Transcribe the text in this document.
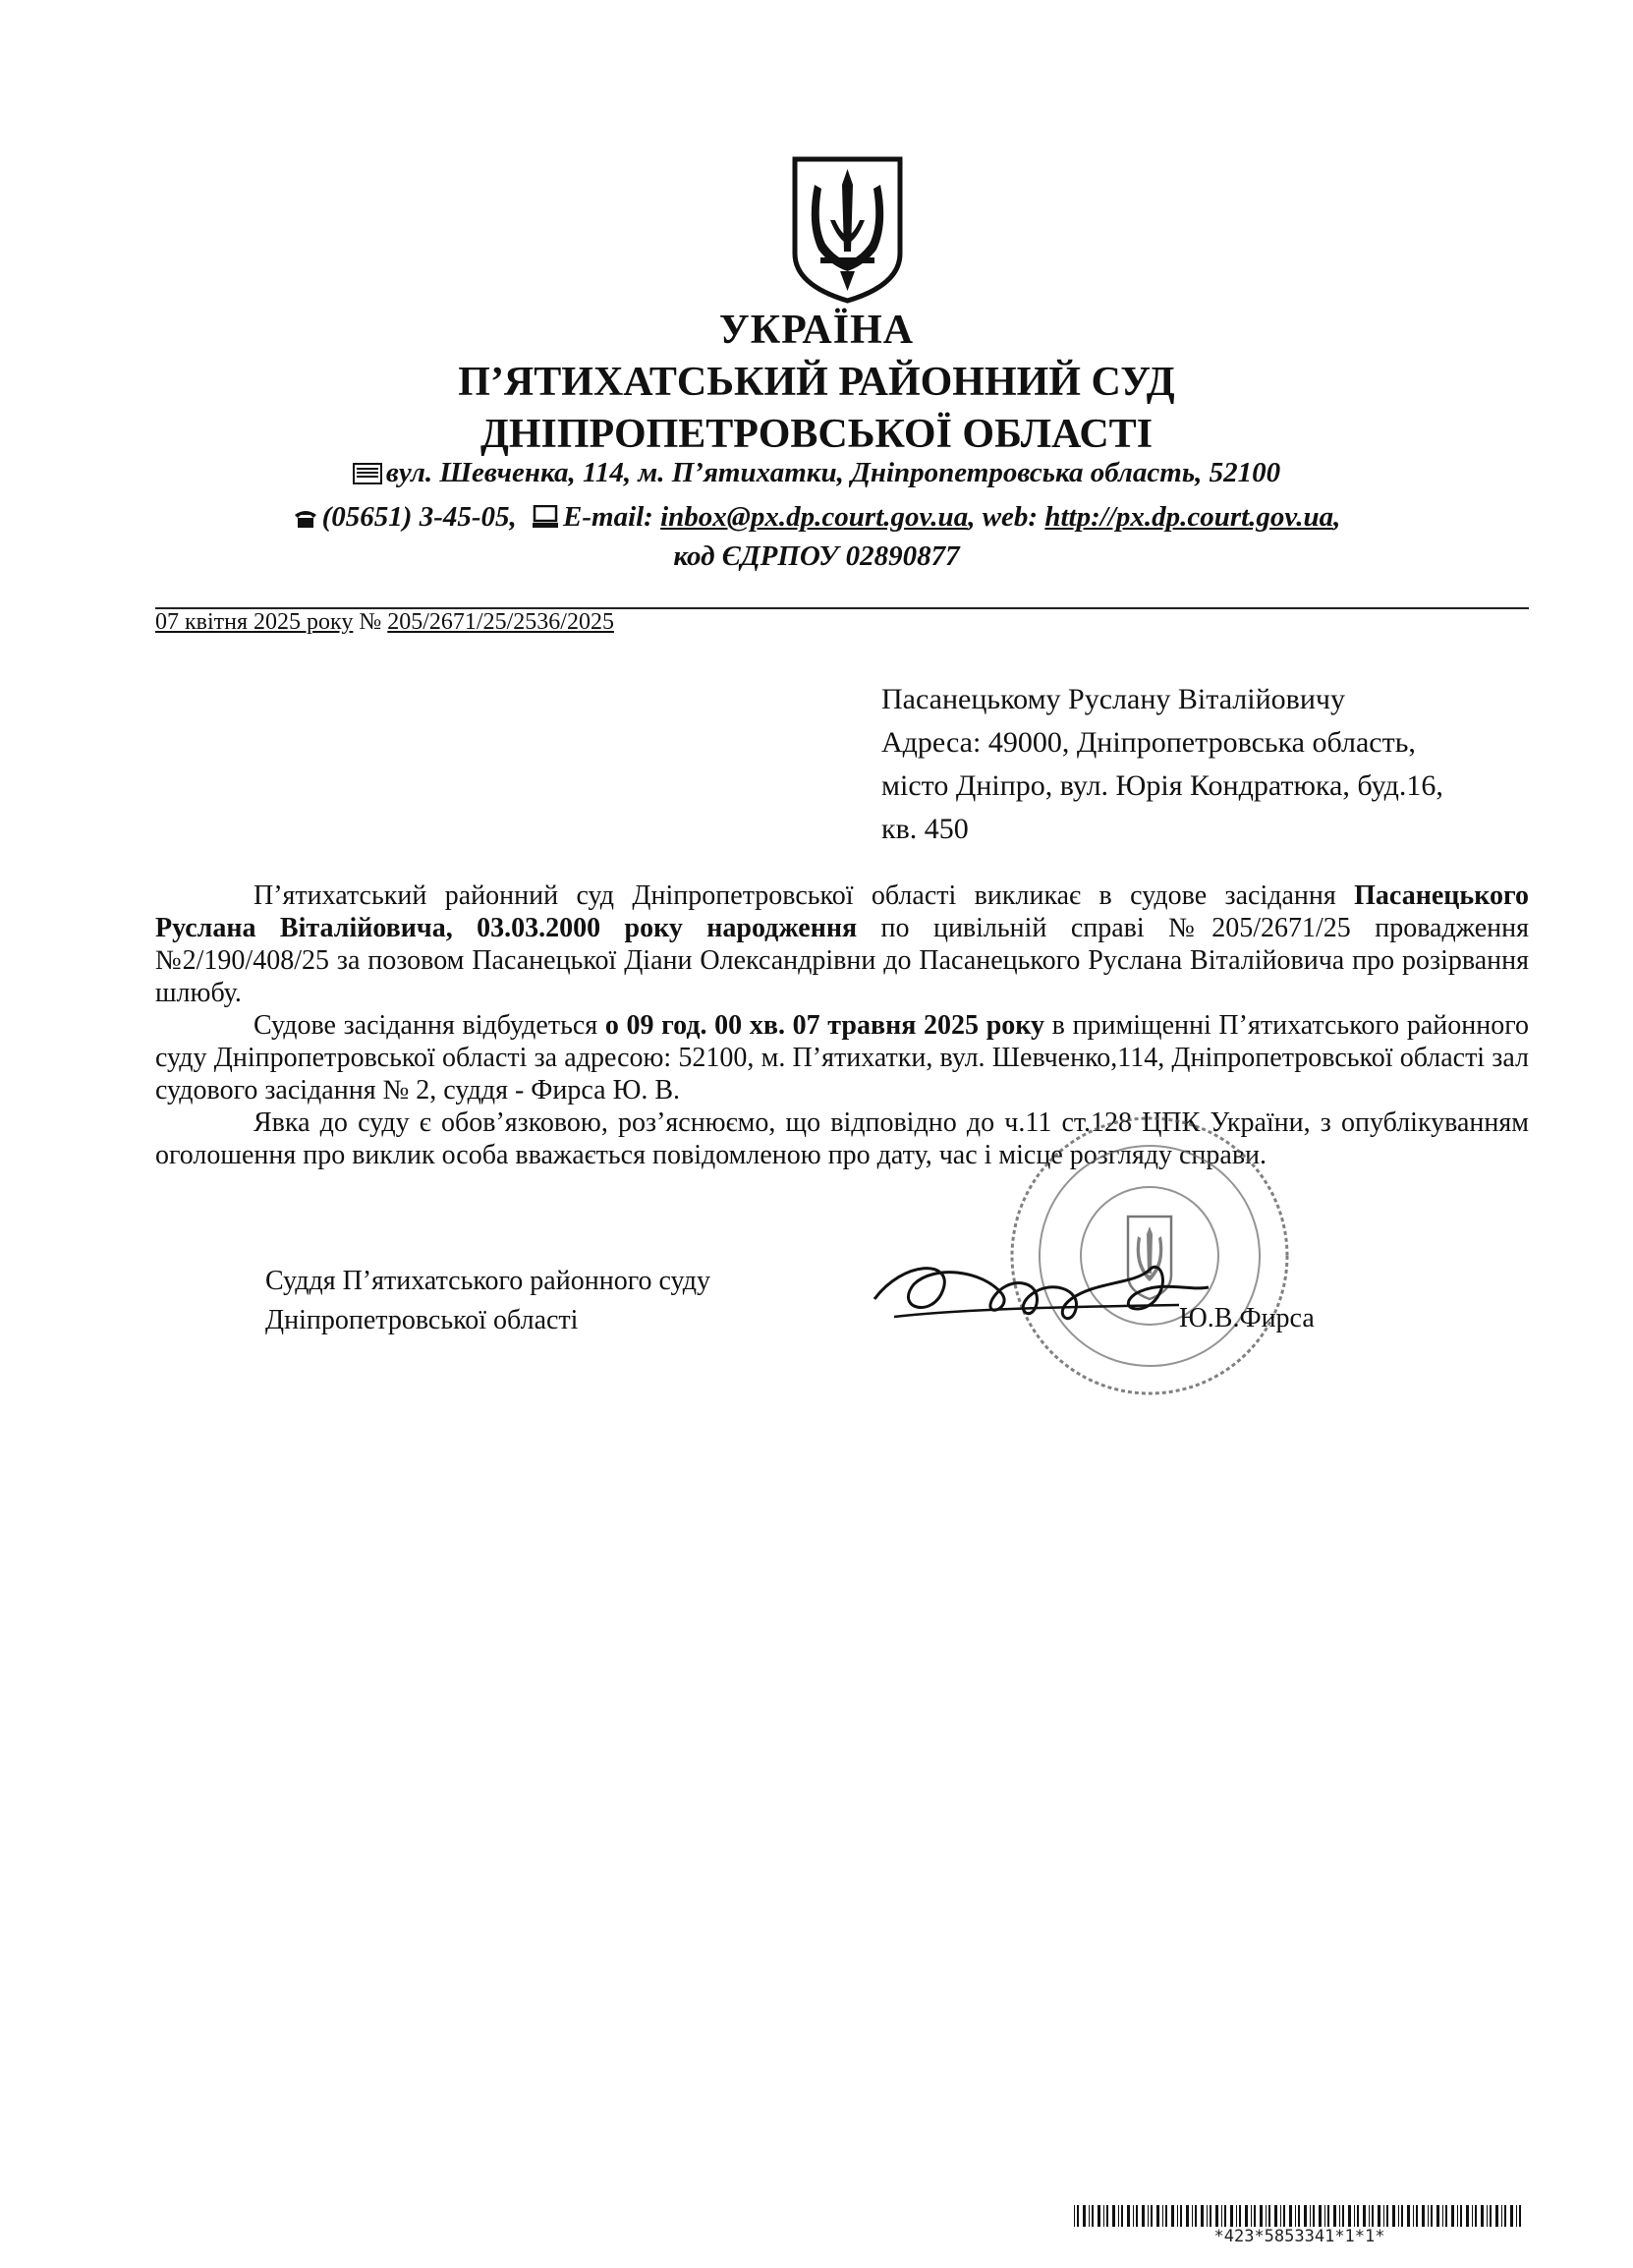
УКРАЇНА
П’ЯТИХАТСЬКИЙ РАЙОННИЙ СУД
ДНІПРОПЕТРОВСЬКОЇ ОБЛАСТІ
вул. Шевченка, 114, м. П’ятихатки, Дніпропетровська область, 52100
(05651) 3-45-05, E-mail: inbox@px.dp.court.gov.ua, web: http://px.dp.court.gov.ua,
код ЄДРПОУ 02890877
07 квітня 2025 року № 205/2671/25/2536/2025
Пасанецькому Руслану Віталійовичу
Адреса: 49000, Дніпропетровська область,
місто Дніпро, вул. Юрія Кондратюка, буд.16,
кв. 450

П’ятихатський районний суд Дніпропетровської області викликає в судове засідання Пасанецького Руслана Віталійовича, 03.03.2000 року народження по цивільній справі №205/2671/25 провадження №2/190/408/25 за позовом Пасанецької Діани Олександрівни до Пасанецького Руслана Віталійовича про розірвання шлюбу.

Судове засідання відбудеться о 09 год. 00 хв. 07 травня 2025 року в приміщенні П’ятихатського районного суду Дніпропетровської області за адресою: 52100, м. П’ятихатки, вул. Шевченко,114, Дніпропетровської області зал судового засідання № 2, суддя - Фирса Ю. В.

Явка до суду є обов’язковою, роз’яснюємо, що відповідно до ч.11 ст.128 ЦПК України, з опублікуванням оголошення про виклик особа вважається повідомленою про дату, час і місце розгляду справи.

Суддя П’ятихатського районного суду
Дніпропетровської області	Ю.В.Фирса
*423*5853341*1*1*
